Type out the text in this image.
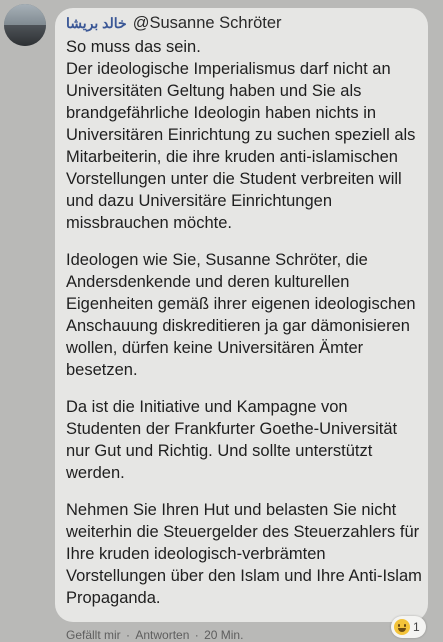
خالد بريشا @Susanne Schröter

So muss das sein.
Der ideologische Imperialismus darf nicht an Universitäten Geltung haben und Sie als brandgefährliche Ideologin haben nichts in Universitären Einrichtung zu suchen speziell als Mitarbeiterin, die ihre kruden anti-islamischen Vorstellungen unter die Student verbreiten will und dazu Universitäre Einrichtungen missbrauchen möchte.

Ideologen wie Sie, Susanne Schröter, die Andersdenkende und deren kulturellen Eigenheiten gemäß ihrer eigenen ideologischen Anschauung diskreditieren ja gar dämonisieren wollen, dürfen keine Universitären Ämter besetzen.

Da ist die Initiative und Kampagne von Studenten der Frankfurter Goethe-Universität nur Gut und Richtig. Und sollte unterstützt werden.

Nehmen Sie Ihren Hut und belasten Sie nicht weiterhin die Steuergelder des Steuerzahlers für Ihre kruden ideologisch-verbrämten Vorstellungen über den Islam und Ihre Anti-Islam Propaganda.

1
Gefällt mir · Antworten · 20 Min.
